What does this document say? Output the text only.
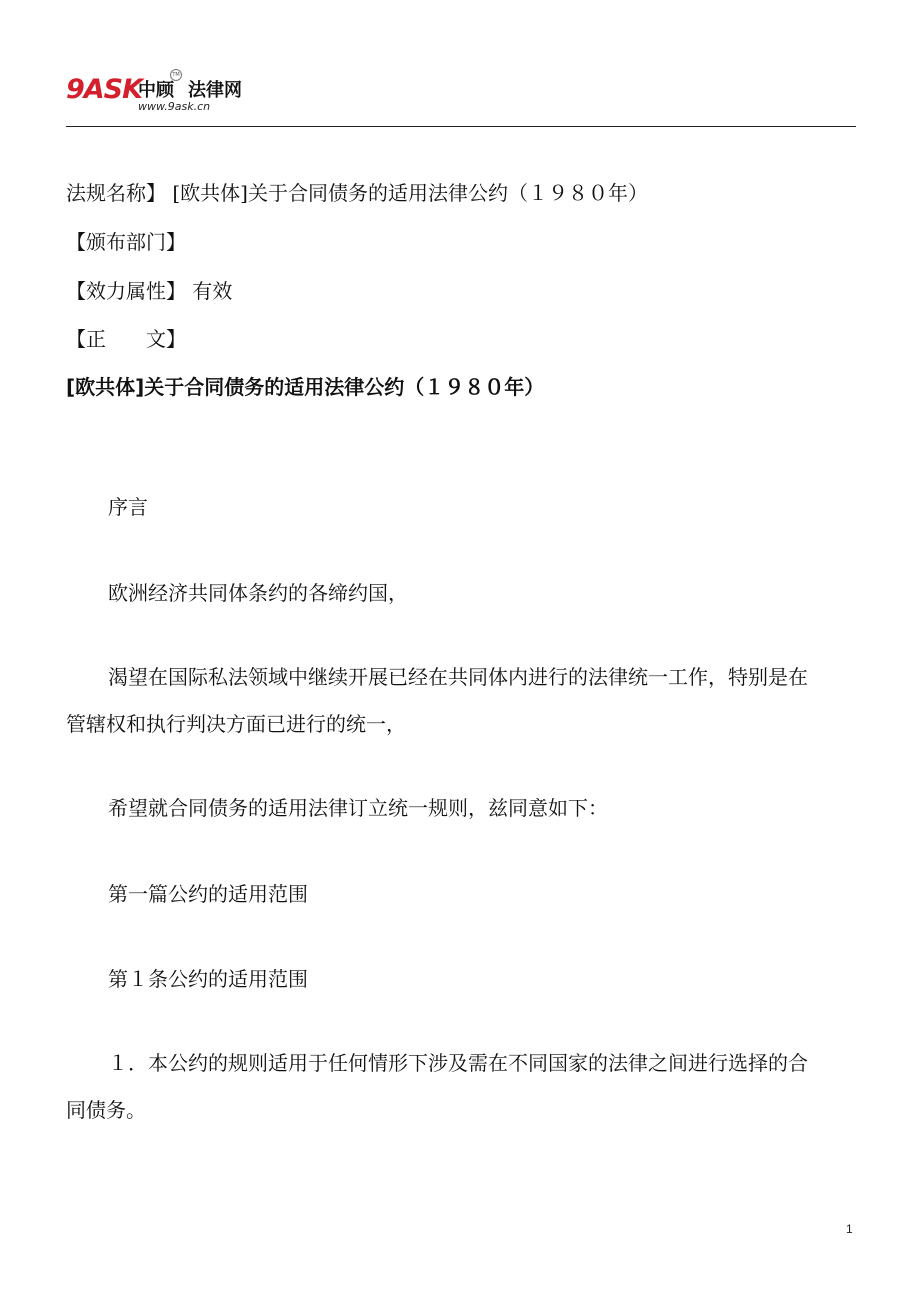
9ASK
中顾 法律网
TM
www.9ask.cn

法规名称】 [欧共体]关于合同债务的适用法律公约（１９８０年）

【颁布部门】

【效力属性】 有效

【正　　文】

[欧共体]关于合同债务的适用法律公约（１９８０年）

序言

欧洲经济共同体条约的各缔约国，

渴望在国际私法领域中继续开展已经在共同体内进行的法律统一工作，特别是在

管辖权和执行判决方面已进行的统一，

希望就合同债务的适用法律订立统一规则，兹同意如下：

第一篇公约的适用范围

第１条公约的适用范围

１．本公约的规则适用于任何情形下涉及需在不同国家的法律之间进行选择的合

同债务。

1
